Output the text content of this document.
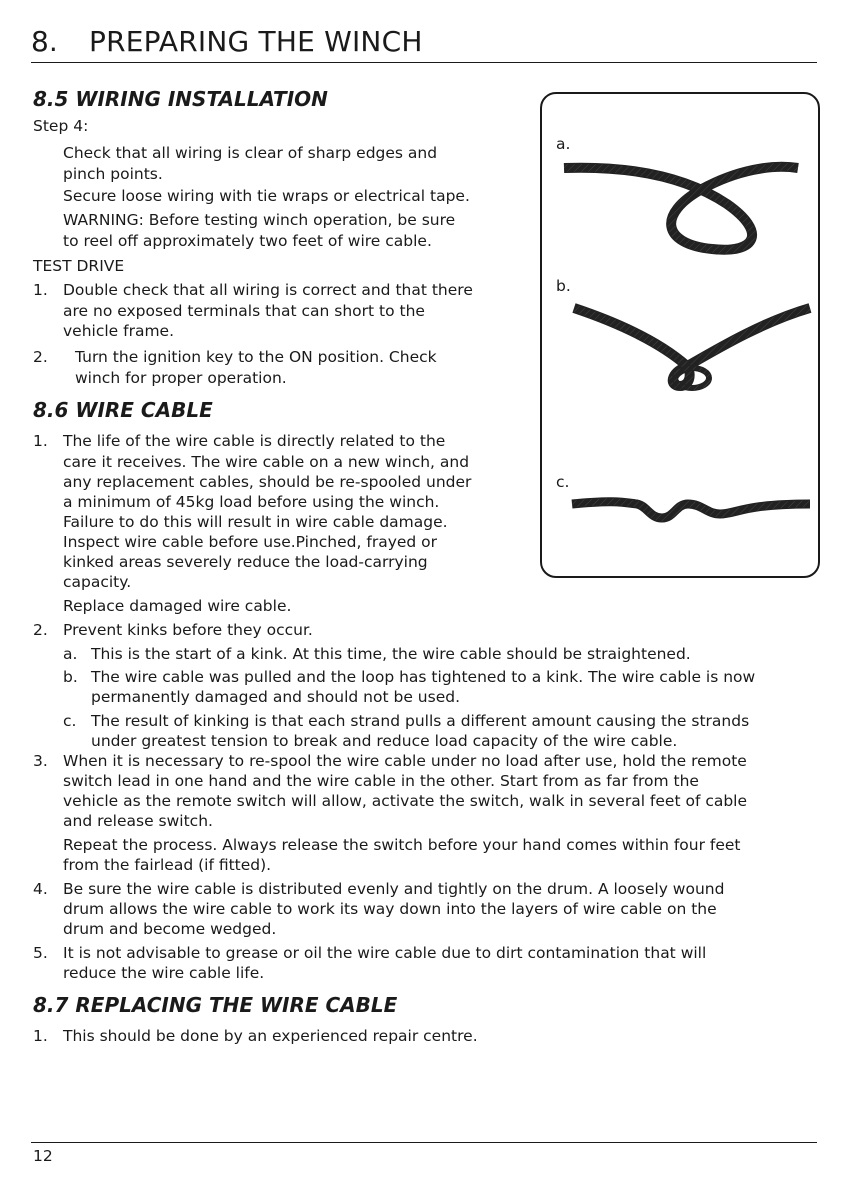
8. PREPARING THE WINCH
8.5 WIRING INSTALLATION
Step 4:
Check that all wiring is clear of sharp edges and
pinch points.
Secure loose wiring with tie wraps or electrical tape.
WARNING: Before testing winch operation, be sure
to reel off approximately two feet of wire cable.
TEST DRIVE
1. Double check that all wiring is correct and that there
are no exposed terminals that can short to the
vehicle frame.
2. Turn the ignition key to the ON position. Check
winch for proper operation.
8.6 WIRE CABLE
1. The life of the wire cable is directly related to the
care it receives. The wire cable on a new winch, and
any replacement cables, should be re-spooled under
a minimum of 45kg load before using the winch.
Failure to do this will result in wire cable damage.
Inspect wire cable before use.Pinched, frayed or
kinked areas severely reduce the load-carrying
capacity.
Replace damaged wire cable.
2. Prevent kinks before they occur.
a. This is the start of a kink. At this time, the wire cable should be straightened.
b. The wire cable was pulled and the loop has tightened to a kink. The wire cable is now
permanently damaged and should not be used.
c. The result of kinking is that each strand pulls a different amount causing the strands
under greatest tension to break and reduce load capacity of the wire cable.
3. When it is necessary to re-spool the wire cable under no load after use, hold the remote
switch lead in one hand and the wire cable in the other. Start from as far from the
vehicle as the remote switch will allow, activate the switch, walk in several feet of cable
and release switch.
Repeat the process. Always release the switch before your hand comes within four feet
from the fairlead (if fitted).
4. Be sure the wire cable is distributed evenly and tightly on the drum. A loosely wound
drum allows the wire cable to work its way down into the layers of wire cable on the
drum and become wedged.
5. It is not advisable to grease or oil the wire cable due to dirt contamination that will
reduce the wire cable life.
8.7 REPLACING THE WIRE CABLE
1. This should be done by an experienced repair centre.
a.
b.
c.
12
